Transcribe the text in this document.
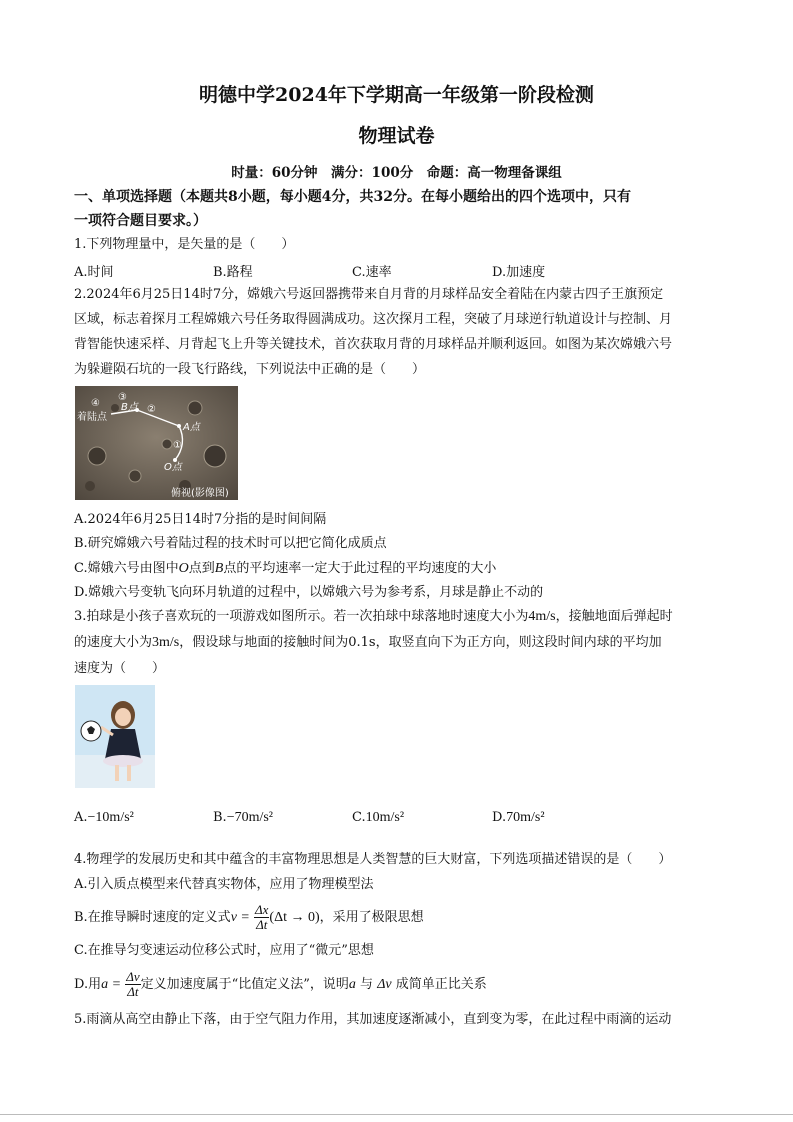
明德中学2024年下学期高一年级第一阶段检测
物理试卷
时量：60分钟　满分：100分　命题：高一物理备课组
一、单项选择题（本题共8小题，每小题4分，共32分。在每小题给出的四个选项中，只有
一项符合题目要求。）
1.下列物理量中，是矢量的是（　　）
A.时间	B.路程	C.速率	D.加速度
2.2024年6月25日14时7分，嫦娥六号返回器携带来自月背的月球样品安全着陆在内蒙古四子王旗预定
区域，标志着探月工程嫦娥六号任务取得圆满成功。这次探月工程，突破了月球逆行轨道设计与控制、月
背智能快速采样、月背起飞上升等关键技术，首次获取月背的月球样品并顺利返回。如图为某次嫦娥六号
为躲避陨石坑的一段飞行路线，下列说法中正确的是（　　）
着陆点
④
③
B点 ②
A点
①
O点
俯视(影像图)
A.2024年6月25日14时7分指的是时间间隔
B.研究嫦娥六号着陆过程的技术时可以把它简化成质点
C.嫦娥六号由图中O点到B点的平均速率一定大于此过程的平均速度的大小
D.嫦娥六号变轨飞向环月轨道的过程中，以嫦娥六号为参考系，月球是静止不动的
3.拍球是小孩子喜欢玩的一项游戏如图所示。若一次拍球中球落地时速度大小为4m/s，接触地面后弹起时
的速度大小为3m/s，假设球与地面的接触时间为0.1s，取竖直向下为正方向，则这段时间内球的平均加
速度为（　　）
A.−10m/s²	B.−70m/s²	C.10m/s²	D.70m/s²
4.物理学的发展历史和其中蕴含的丰富物理思想是人类智慧的巨大财富，下列选项描述错误的是（　　）
A.引入质点模型来代替真实物体，应用了物理模型法
B.在推导瞬时速度的定义式$v = \frac{\Delta x}{\Delta t} (\Delta t \to 0)$，采用了极限思想
C.在推导匀变速运动位移公式时，应用了“微元”思想
D.用$a = \frac{\Delta v}{\Delta t}$ 定义加速度属于“比值定义法”，说明a 与 Δv 成简单正比关系
5.雨滴从高空由静止下落，由于空气阻力作用，其加速度逐渐减小，直到变为零，在此过程中雨滴的运动
